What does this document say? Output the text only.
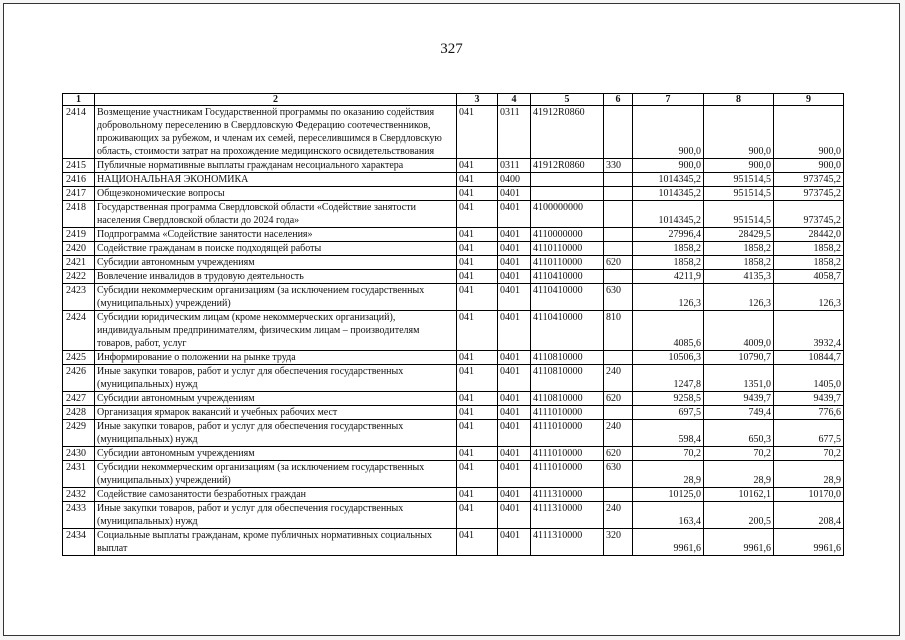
327
1	2	3	4	5	6	7	8	9
2414	Возмещение участникам Государственной программы по оказанию содействия добровольному переселению в Свердловскую Федерацию соотечественников, проживающих за рубежом, и членам их семей, переселившимся в Свердловскую область, стоимости затрат на прохождение медицинского освидетельствования	041	0311	41912R0860		900,0	900,0	900,0
2415	Публичные нормативные выплаты гражданам несоциального характера	041	0311	41912R0860	330	900,0	900,0	900,0
2416	НАЦИОНАЛЬНАЯ ЭКОНОМИКА	041	0400			1014345,2	951514,5	973745,2
2417	Общеэкономические вопросы	041	0401			1014345,2	951514,5	973745,2
2418	Государственная программа Свердловской области «Содействие занятости населения Свердловской области до 2024 года»	041	0401	4100000000		1014345,2	951514,5	973745,2
2419	Подпрограмма «Содействие занятости населения»	041	0401	4110000000		27996,4	28429,5	28442,0
2420	Содействие гражданам в поиске подходящей работы	041	0401	4110110000		1858,2	1858,2	1858,2
2421	Субсидии автономным учреждениям	041	0401	4110110000	620	1858,2	1858,2	1858,2
2422	Вовлечение инвалидов в трудовую деятельность	041	0401	4110410000		4211,9	4135,3	4058,7
2423	Субсидии некоммерческим организациям (за исключением государственных (муниципальных) учреждений)	041	0401	4110410000	630	126,3	126,3	126,3
2424	Субсидии юридическим лицам (кроме некоммерческих организаций), индивидуальным предпринимателям, физическим лицам – производителям товаров, работ, услуг	041	0401	4110410000	810	4085,6	4009,0	3932,4
2425	Информирование о положении на рынке труда	041	0401	4110810000		10506,3	10790,7	10844,7
2426	Иные закупки товаров, работ и услуг для обеспечения государственных (муниципальных) нужд	041	0401	4110810000	240	1247,8	1351,0	1405,0
2427	Субсидии автономным учреждениям	041	0401	4110810000	620	9258,5	9439,7	9439,7
2428	Организация ярмарок вакансий и учебных рабочих мест	041	0401	4111010000		697,5	749,4	776,6
2429	Иные закупки товаров, работ и услуг для обеспечения государственных (муниципальных) нужд	041	0401	4111010000	240	598,4	650,3	677,5
2430	Субсидии автономным учреждениям	041	0401	4111010000	620	70,2	70,2	70,2
2431	Субсидии некоммерческим организациям (за исключением государственных (муниципальных) учреждений)	041	0401	4111010000	630	28,9	28,9	28,9
2432	Содействие самозанятости безработных граждан	041	0401	4111310000		10125,0	10162,1	10170,0
2433	Иные закупки товаров, работ и услуг для обеспечения государственных (муниципальных) нужд	041	0401	4111310000	240	163,4	200,5	208,4
2434	Социальные выплаты гражданам, кроме публичных нормативных социальных выплат	041	0401	4111310000	320	9961,6	9961,6	9961,6
